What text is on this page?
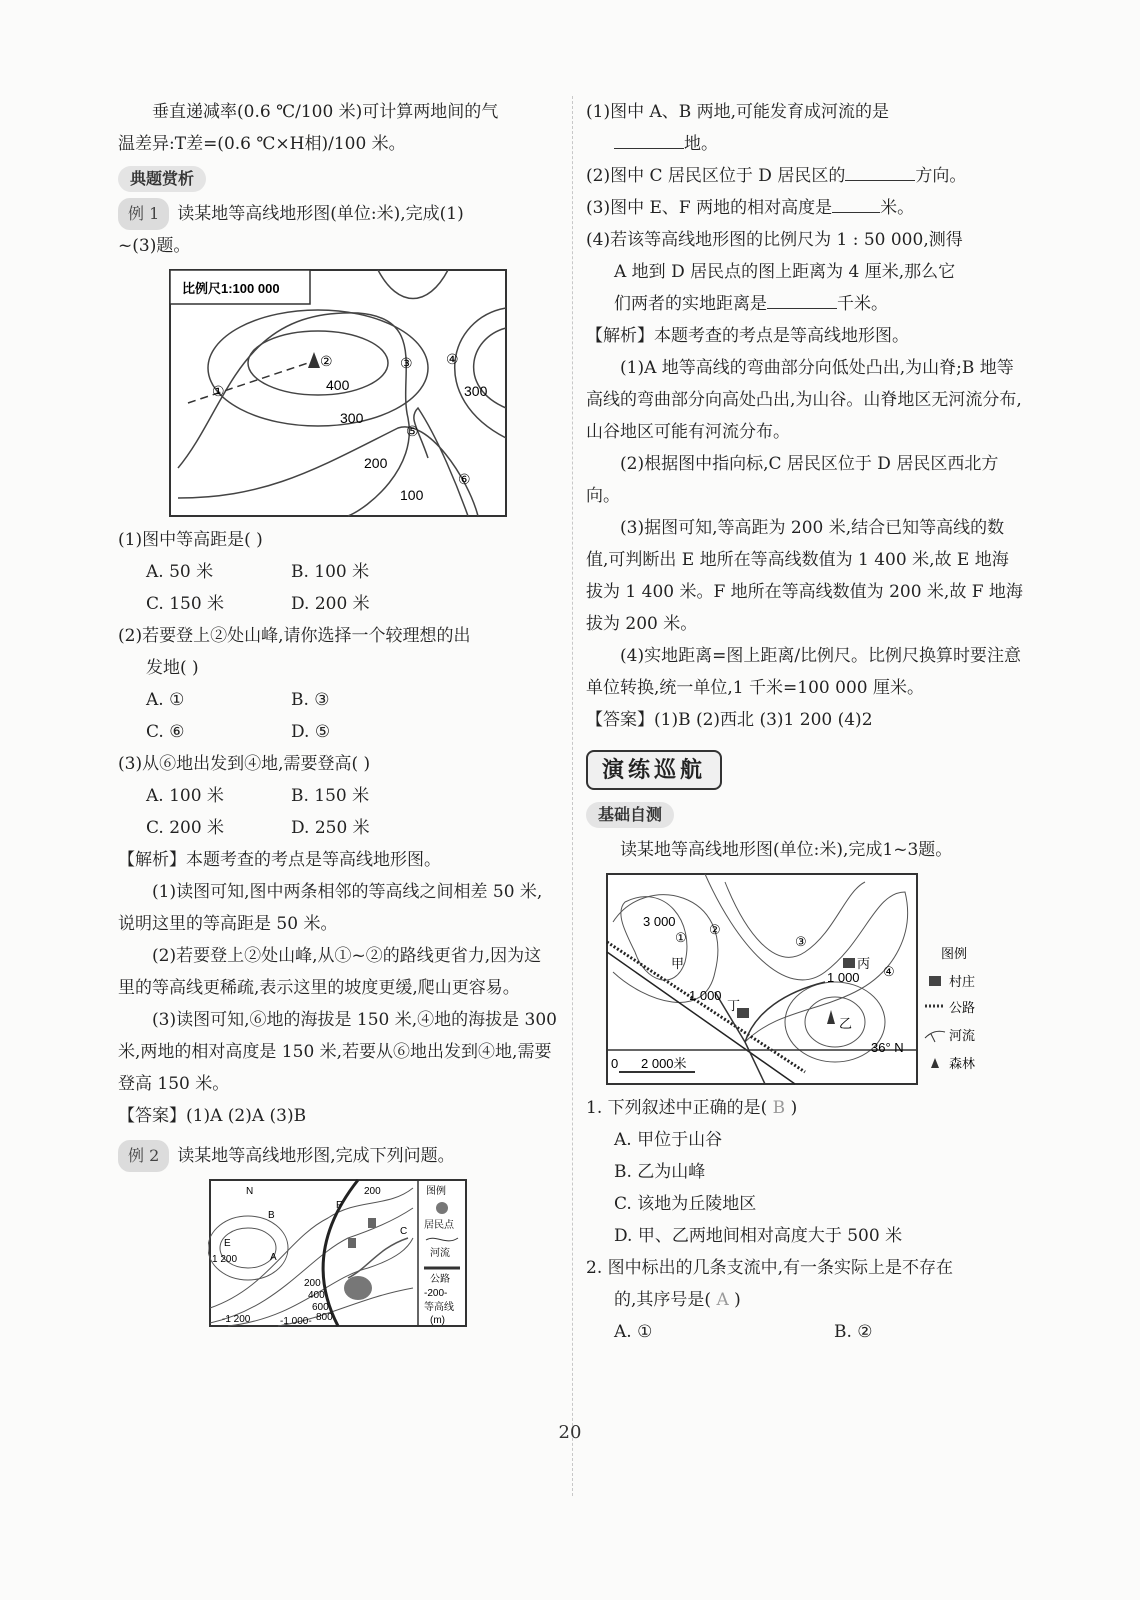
垂直递减率(0.6 ℃/100 米)可计算两地间的气

温差异:T差=(0.6 ℃×H相)/100 米。

典题赏析

例 1 读某地等高线地形图(单位:米),完成(1)

~(3)题。

比例尺1:100 000
①
②	③ ④
⑤
⑥
400
300
300
200
100

(1)图中等高距是( )

A. 50 米	B. 100 米
C. 150 米	D. 200 米

(2)若要登上②处山峰,请你选择一个较理想的出

发地( )

A. ①	B. ③
C. ⑥	D. ⑤

(3)从⑥地出发到④地,需要登高( )

A. 100 米	B. 150 米
C. 200 米	D. 250 米

【解析】本题考查的考点是等高线地形图。

(1)读图可知,图中两条相邻的等高线之间相差 50 米,说明这里的等高距是 50 米。

(2)若要登上②处山峰,从①~②的路线更省力,因为这里的等高线更稀疏,表示这里的坡度更缓,爬山更容易。

(3)读图可知,⑥地的海拔是 150 米,④地的海拔是 300 米,两地的相对高度是 150 米,若要从⑥地出发到④地,需要登高 150 米。

【答案】(1)A (2)A (3)B

例 2 读某地等高线地形图,完成下列问题。

N
B
F
C
E
A
1 200
200
400
600
800
-1 000-
-1 200
200	图例
居民点
河流
公路
-200-
等高线
(m)

(1)图中 A、B 两地,可能发育成河流的是

地。

(2)图中 C 居民区位于 D 居民区的	方向。

(3)图中 E、F 两地的相对高度是	米。

(4)若该等高线地形图的比例尺为 1 : 50 000,测得

A 地到 D 居民点的图上距离为 4 厘米,那么它

们两者的实地距离是	千米。

【解析】本题考查的考点是等高线地形图。

(1)A 地等高线的弯曲部分向低处凸出,为山脊;B 地等高线的弯曲部分向高处凸出,为山谷。山脊地区无河流分布,山谷地区可能有河流分布。

(2)根据图中指向标,C 居民区位于 D 居民区西北方向。

(3)据图可知,等高距为 200 米,结合已知等高线的数值,可判断出 E 地所在等高线数值为 1 400 米,故 E 地海拔为 1 400 米。F 地所在等高线数值为 200 米,故 F 地海拔为 200 米。

(4)实地距离=图上距离/比例尺。比例尺换算时要注意单位转换,统一单位,1 千米=100 000 厘米。

【答案】(1)B (2)西北 (3)1 200 (4)2

演练巡航
基础自测

读某地等高线地形图(单位:米),完成1~3题。

3 000
①
②
③
④
甲	丙
1 000
1 000
丁
乙
36° N
0 2 000米
图例
村庄
公路
河流
森林

1. 下列叙述中正确的是( B )

A. 甲位于山谷

B. 乙为山峰

C. 该地为丘陵地区

D. 甲、乙两地间相对高度大于 500 米

2. 图中标出的几条支流中,有一条实际上是不存在

的,其序号是( A )

A. ①	B. ②
20
